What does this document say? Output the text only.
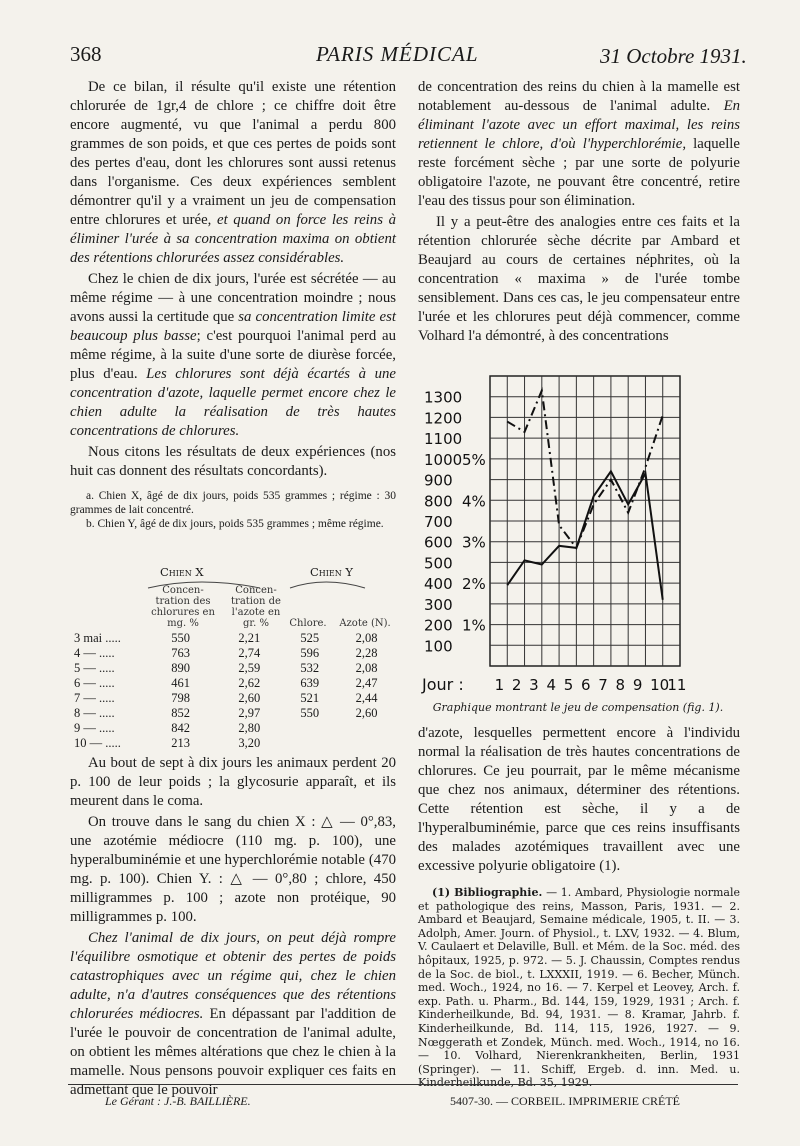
368	PARIS MÉDICAL	31 Octobre 1931.

De ce bilan, il résulte qu'il existe une rétention chlorurée de 1gr,4 de chlore ; ce chiffre doit être encore augmenté, vu que l'animal a perdu 800 grammes de son poids, et que ces pertes de poids sont des pertes d'eau, dont les chlorures sont aussi retenus dans l'organisme. Ces deux expériences semblent démontrer qu'il y a vraiment un jeu de compensation entre chlorures et urée, et quand on force les reins à éliminer l'urée à sa concentration maxima on obtient des rétentions chlorurées assez considérables.

Chez le chien de dix jours, l'urée est sécrétée — au même régime — à une concentration moindre ; nous avons aussi la certitude que sa concentration limite est beaucoup plus basse; c'est pourquoi l'animal perd au même régime, à la suite d'une sorte de diurèse forcée, plus d'eau. Les chlorures sont déjà écartés à une concentration d'azote, laquelle permet encore chez le chien adulte la réalisation de très hautes concentrations de chlorures.

Nous citons les résultats de deux expériences (nos huit cas donnent des résultats concordants).

a. Chien X, âgé de dix jours, poids 535 grammes ; régime : 30 grammes de lait concentré.

b. Chien Y, âgé de dix jours, poids 535 grammes ; même régime.

Chien X	Chien Y
Concen- tration des chlorures en mg. %
Concen- tration de l'azote en gr. %	Chlore.	Azote (N).
3 mai .....	550	2,21	525	2,08
4 — .....	763	2,74	596	2,28
5 — .....	890	2,59	532	2,08
6 — .....	461	2,62	639	2,47
7 — .....	798	2,60	521	2,44
8 — .....	852	2,97	550	2,60
9 — .....	842	2,80		
10 — .....	213	3,20		

Au bout de sept à dix jours les animaux perdent 20 p. 100 de leur poids ; la glycosurie apparaît, et ils meurent dans le coma.

On trouve dans le sang du chien X : △ — 0°,83, une azotémie médiocre (110 mg. p. 100), une hyperalbuminémie et une hyperchlorémie notable (470 mg. p. 100). Chien Y. : △ — 0°,80 ; chlore, 450 milligrammes p. 100 ; azote non protéique, 90 milligrammes p. 100.

Chez l'animal de dix jours, on peut déjà rompre l'équilibre osmotique et obtenir des pertes de poids catastrophiques avec un régime qui, chez le chien adulte, n'a d'autres conséquences que des rétentions chlorurées médiocres. En dépassant par l'addition de l'urée le pouvoir de concentration de l'animal adulte, on obtient les mêmes altérations que chez le chien à la mamelle. Nous pensons pouvoir expliquer ces faits en admettant que le pouvoir

de concentration des reins du chien à la mamelle est notablement au-dessous de l'animal adulte. En éliminant l'azote avec un effort maximal, les reins retiennent le chlore, d'où l'hyperchlorémie, laquelle reste forcément sèche ; par une sorte de polyurie obligatoire l'azote, ne pouvant être concentré, retire l'eau des tissus pour son élimination.

Il y a peut-être des analogies entre ces faits et la rétention chlorurée sèche décrite par Ambard et Beaujard au cours de certaines néphrites, où la concentration « maxima » de l'urée tombe sensiblement. Dans ces cas, le jeu compensateur entre l'urée et les chlorures peut déjà commencer, comme Volhard l'a démontré, à des concentrations

1300
1200
1100
1000 5%
900
800 4%
700
600 3%
500
400 2%
300
200 1%
100
Jour : 1 2 3 4 5 6 7 8 9 10
11
Graphique montrant le jeu de compensation (fig. 1).

d'azote, lesquelles permettent encore à l'individu normal la réalisation de très hautes concentrations de chlorures. Ce jeu pourrait, par le même mécanisme que chez nos animaux, déterminer des rétentions. Cette rétention est sèche, il y a de l'hyperalbuminémie, parce que ces reins insuffisants des malades azotémiques travaillent avec une excessive polyurie obligatoire (1).

(1) Bibliographie. — 1. Ambard, Physiologie normale et pathologique des reins, Masson, Paris, 1931. — 2. Ambard et Beaujard, Semaine médicale, 1905, t. II. — 3. Adolph, Amer. Journ. of Physiol., t. LXV, 1932. — 4. Blum, V. Caulaert et Delaville, Bull. et Mém. de la Soc. méd. des hôpitaux, 1925, p. 972. — 5. J. Chaussin, Comptes rendus de la Soc. de biol., t. LXXXII, 1919. — 6. Becher, Münch. med. Woch., 1924, no 16. — 7. Kerpel et Leovey, Arch. f. exp. Path. u. Pharm., Bd. 144, 159, 1929, 1931 ; Arch. f. Kinderheilkunde, Bd. 94, 1931. — 8. Kramar, Jahrb. f. Kinderheilkunde, Bd. 114, 115, 1926, 1927. — 9. Nœggerath et Zondek, Münch. med. Woch., 1914, no 16. — 10. Volhard, Nierenkrankheiten, Berlin, 1931 (Springer). — 11. Schiff, Ergeb. d. inn. Med. u. Kinderheilkunde, Bd. 35, 1929.
Le Gérant : J.-B. BAILLIÈRE.	5407-30. — CORBEIL. IMPRIMERIE CRÉTÉ
